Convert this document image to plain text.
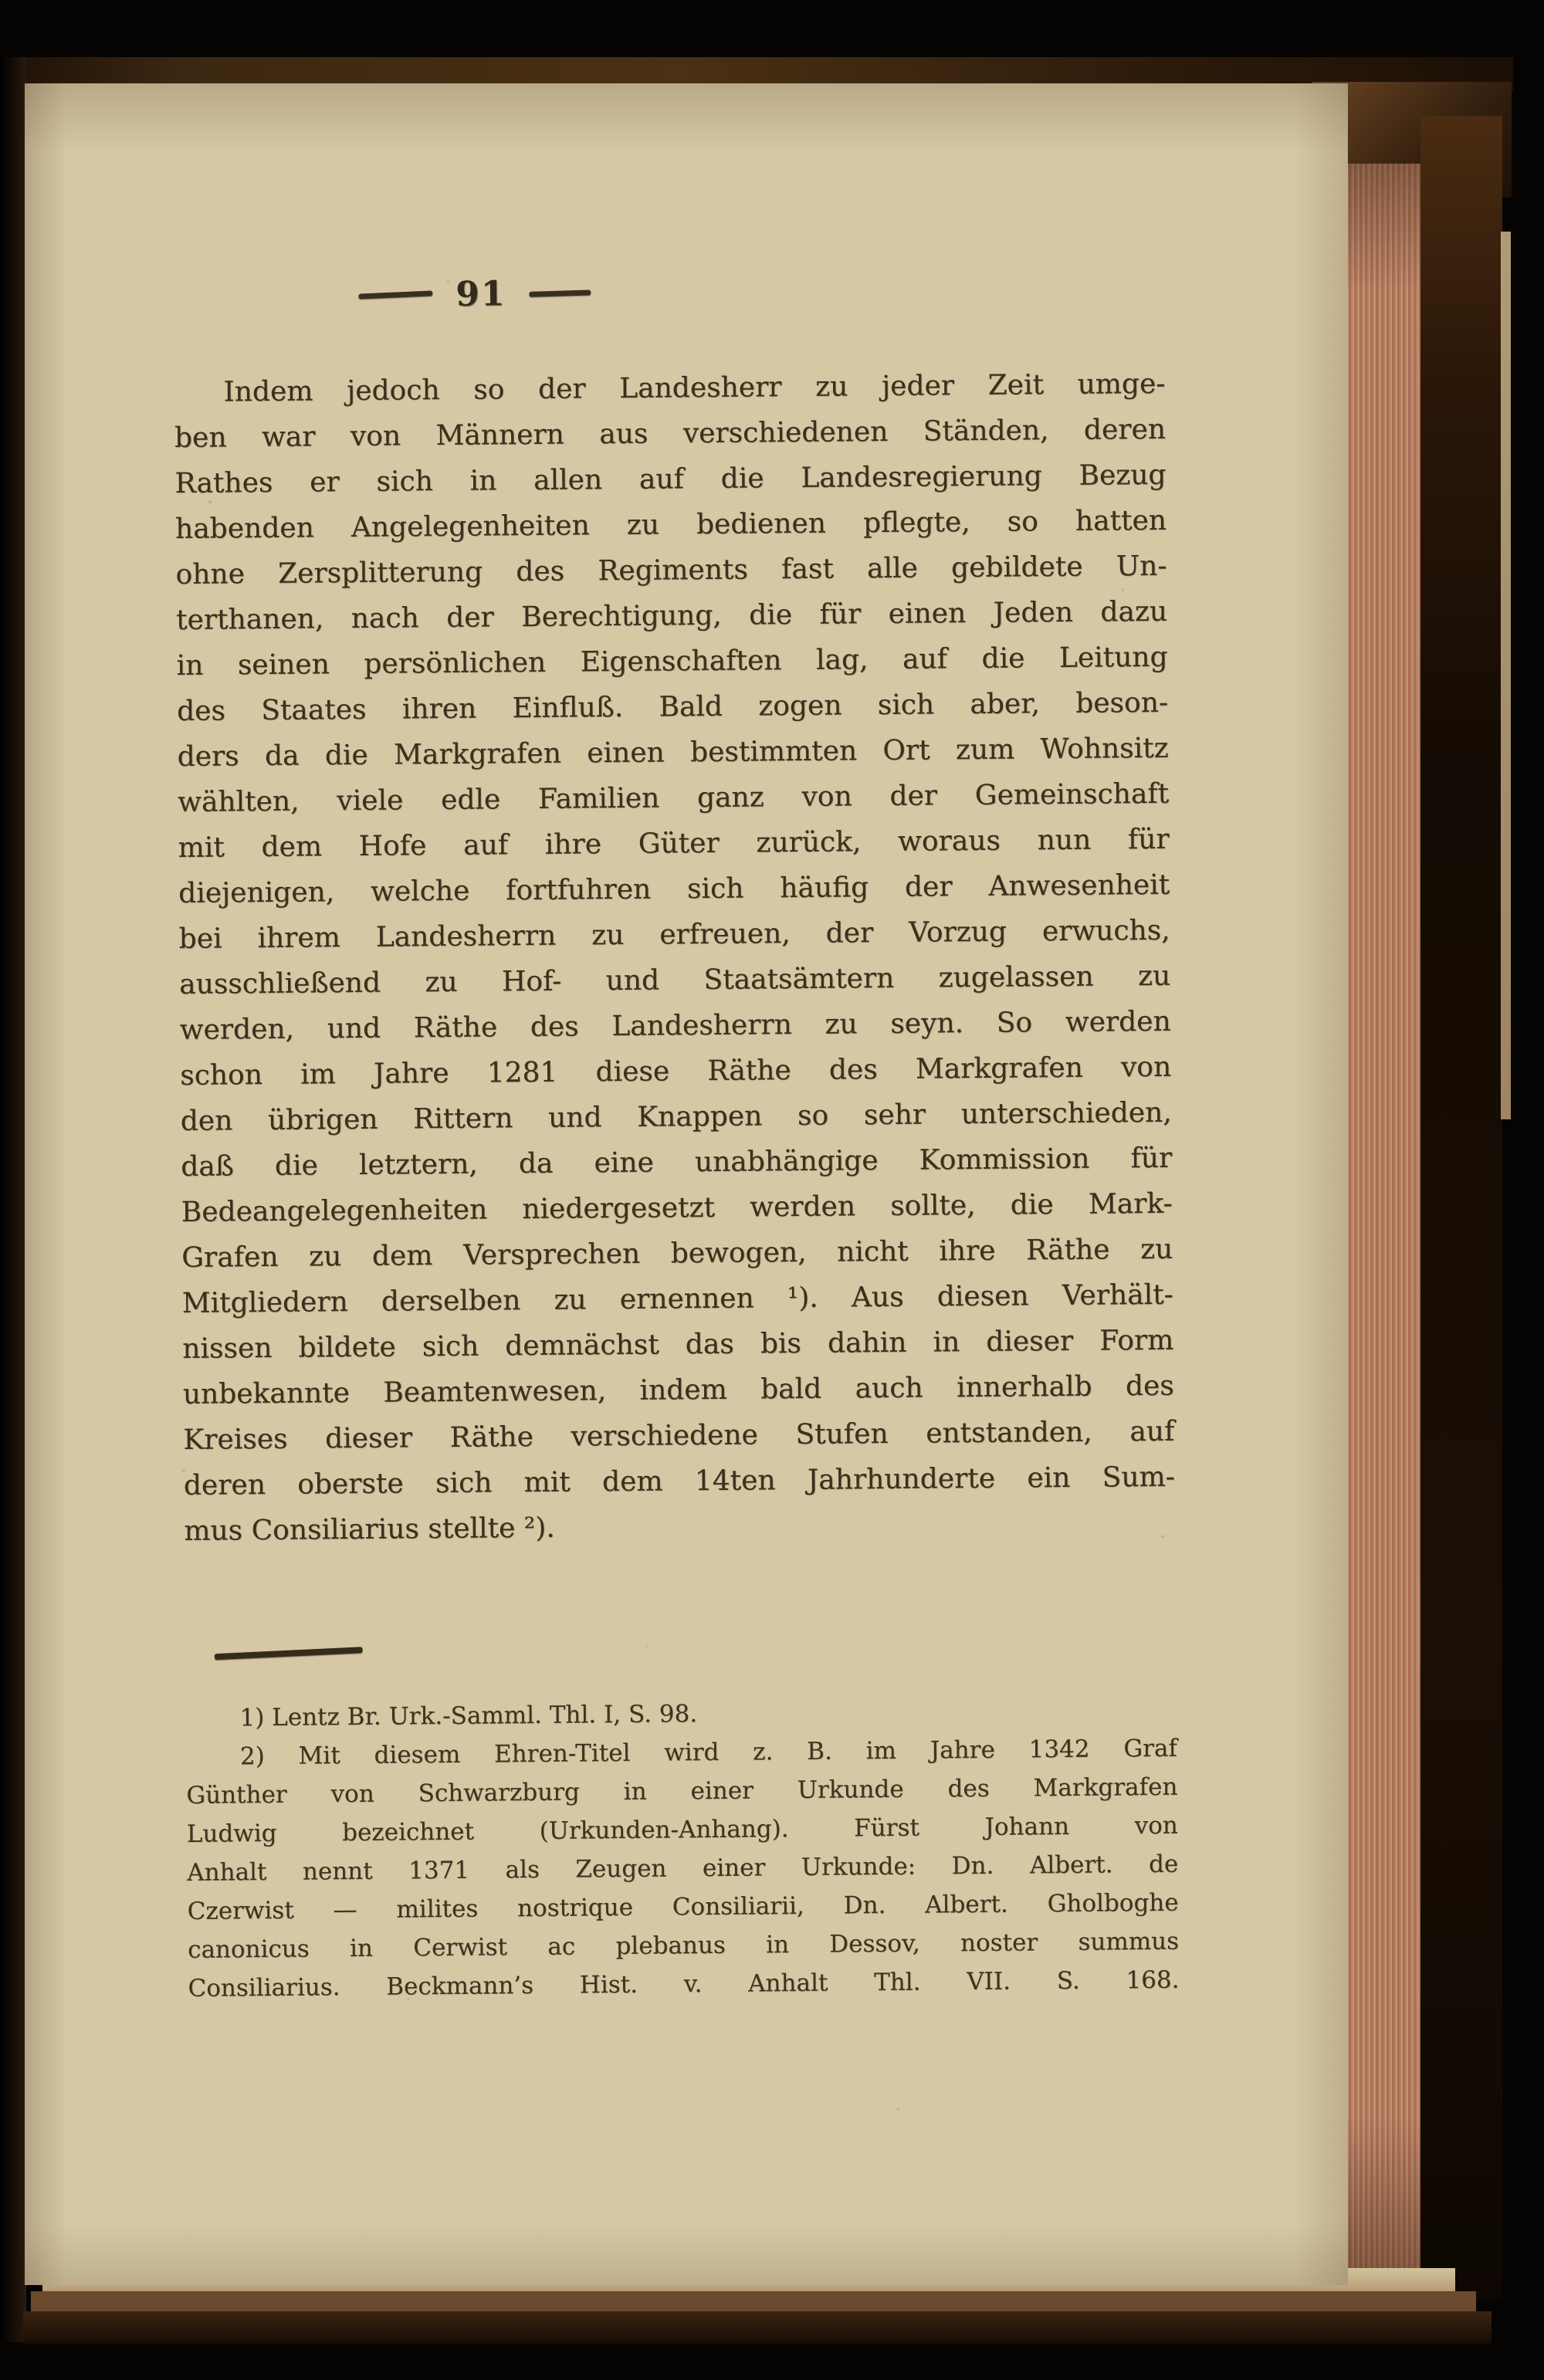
91
Indem jedoch so der Landesherr zu jeder Zeit umge-
ben war von Männern aus verschiedenen Ständen, deren
Rathes er sich in allen auf die Landesregierung Bezug
habenden Angelegenheiten zu bedienen pflegte, so hatten
ohne Zersplitterung des Regiments fast alle gebildete Un-
terthanen, nach der Berechtigung, die für einen Jeden dazu
in seinen persönlichen Eigenschaften lag, auf die Leitung
des Staates ihren Einfluß. Bald zogen sich aber, beson-
ders da die Markgrafen einen bestimmten Ort zum Wohnsitz
wählten, viele edle Familien ganz von der Gemeinschaft
mit dem Hofe auf ihre Güter zurück, woraus nun für
diejenigen, welche fortfuhren sich häufig der Anwesenheit
bei ihrem Landesherrn zu erfreuen, der Vorzug erwuchs,
ausschließend zu Hof- und Staatsämtern zugelassen zu
werden, und Räthe des Landesherrn zu seyn. So werden
schon im Jahre 1281 diese Räthe des Markgrafen von
den übrigen Rittern und Knappen so sehr unterschieden,
daß die letztern, da eine unabhängige Kommission für
Bedeangelegenheiten niedergesetzt werden sollte, die Mark-
Grafen zu dem Versprechen bewogen, nicht ihre Räthe zu
Mitgliedern derselben zu ernennen ¹). Aus diesen Verhält-
nissen bildete sich demnächst das bis dahin in dieser Form
unbekannte Beamtenwesen, indem bald auch innerhalb des
Kreises dieser Räthe verschiedene Stufen entstanden, auf
deren oberste sich mit dem 14ten Jahrhunderte ein Sum-
mus Consiliarius stellte ²).
1) Lentz Br. Urk.-Samml. Thl. I, S. 98.
2) Mit diesem Ehren-Titel wird z. B. im Jahre 1342 Graf
Günther von Schwarzburg in einer Urkunde des Markgrafen
Ludwig bezeichnet (Urkunden-Anhang). Fürst Johann von
Anhalt nennt 1371 als Zeugen einer Urkunde: Dn. Albert. de
Czerwist — milites nostrique Consiliarii, Dn. Albert. Gholboghe
canonicus in Cerwist ac plebanus in Dessov, noster summus
Consiliarius. Beckmann’s Hist. v. Anhalt Thl. VII. S. 168.
